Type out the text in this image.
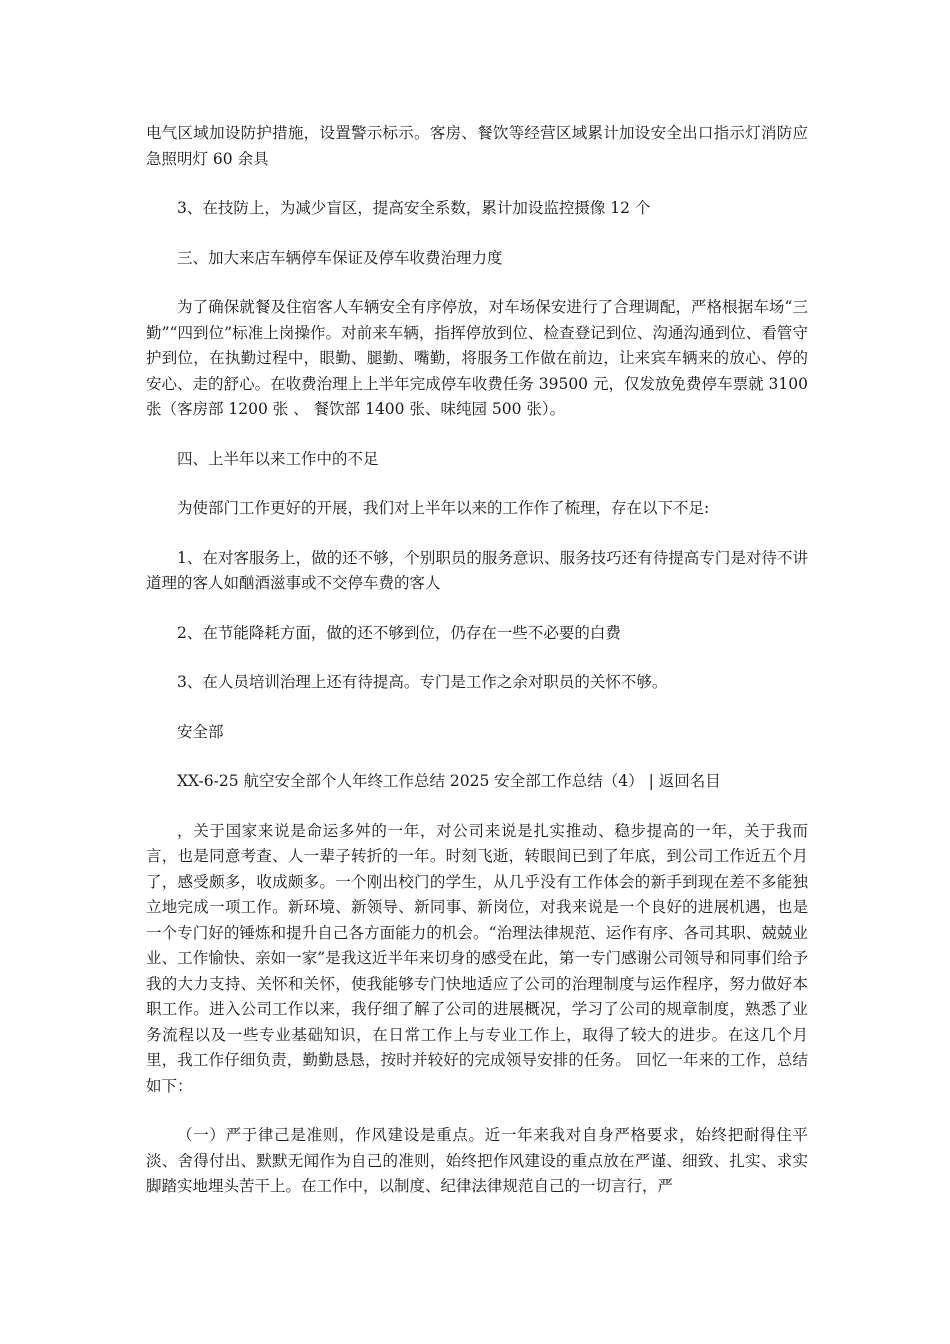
电气区域加设防护措施，设置警示标示。客房、餐饮等经营区域累计加设安全出口指示灯消防应急照明灯 60 余具

3、在技防上，为减少盲区，提高安全系数，累计加设监控摄像 12 个

三、加大来店车辆停车保证及停车收费治理力度

为了确保就餐及住宿客人车辆安全有序停放，对车场保安进行了合理调配，严格根据车场“三勤”“四到位”标准上岗操作。对前来车辆，指挥停放到位、检查登记到位、沟通沟通到位、看管守护到位，在执勤过程中，眼勤、腿勤、嘴勤，将服务工作做在前边，让来宾车辆来的放心、停的安心、走的舒心。在收费治理上上半年完成停车收费任务 39500 元，仅发放免费停车票就 3100 张（客房部 1200 张 、 餐饮部 1400 张、味纯园 500 张）。

四、上半年以来工作中的不足

为使部门工作更好的开展，我们对上半年以来的工作作了梳理，存在以下不足:

1、在对客服务上，做的还不够，个别职员的服务意识、服务技巧还有待提高专门是对待不讲道理的客人如酗酒滋事或不交停车费的客人

2、在节能降耗方面，做的还不够到位，仍存在一些不必要的白费

3、在人员培训治理上还有待提高。专门是工作之余对职员的关怀不够。

安全部

XX-6-25 航空安全部个人年终工作总结 2025 安全部工作总结（4） | 返回名目

，关于国家来说是命运多舛的一年，对公司来说是扎实推动、稳步提高的一年，关于我而言，也是同意考查、人一辈子转折的一年。时刻飞逝，转眼间已到了年底，到公司工作近五个月了，感受颇多，收成颇多。一个刚出校门的学生，从几乎没有工作体会的新手到现在差不多能独立地完成一项工作。新环境、新领导、新同事、新岗位，对我来说是一个良好的进展机遇，也是一个专门好的锤炼和提升自己各方面能力的机会。“治理法律规范、运作有序、各司其职、兢兢业业、工作愉快、亲如一家”是我这近半年来切身的感受在此，第一专门感谢公司领导和同事们给予我的大力支持、关怀和关怀，使我能够专门快地适应了公司的治理制度与运作程序，努力做好本职工作。进入公司工作以来，我仔细了解了公司的进展概况，学习了公司的规章制度，熟悉了业务流程以及一些专业基础知识，在日常工作上与专业工作上，取得了较大的进步。在这几个月里，我工作仔细负责，勤勤恳恳，按时并较好的完成领导安排的任务。 回忆一年来的工作，总结如下：

（一）严于律己是准则，作风建设是重点。近一年来我对自身严格要求，始终把耐得住平淡、舍得付出、默默无闻作为自己的准则，始终把作风建设的重点放在严谨、细致、扎实、求实脚踏实地埋头苦干上。在工作中，以制度、纪律法律规范自己的一切言行，严
